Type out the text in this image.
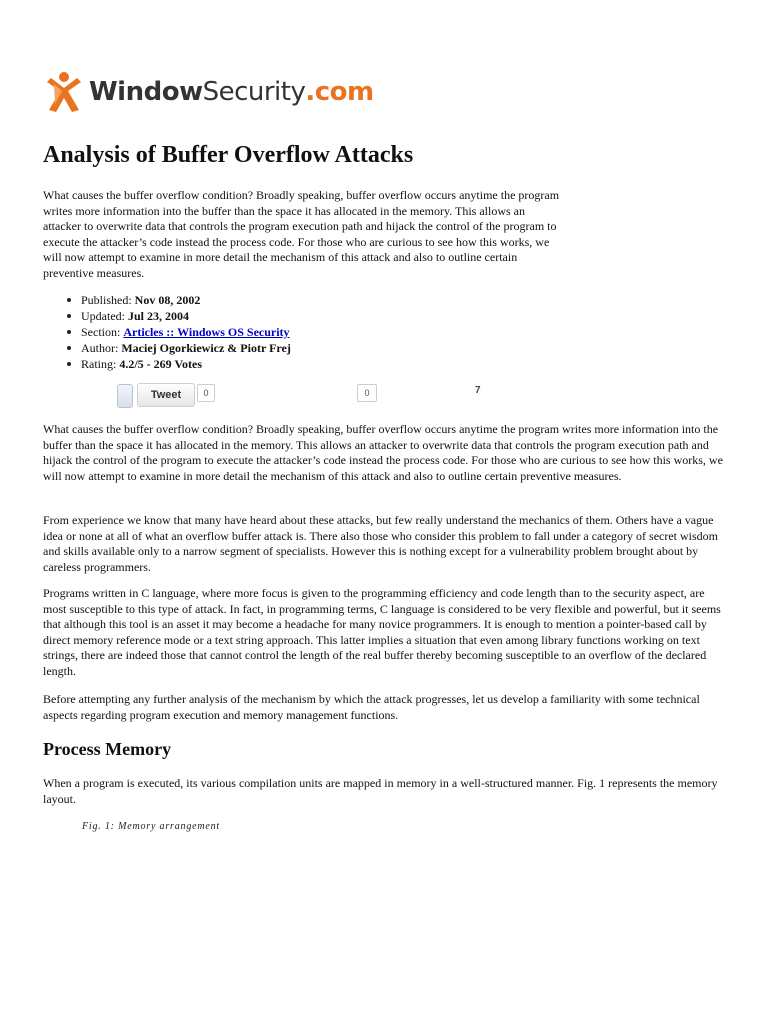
WindowSecurity.com
Analysis of Buffer Overflow Attacks

What causes the buffer overflow condition? Broadly speaking, buffer overflow occurs anytime the program writes more information into the buffer than the space it has allocated in the memory. This allows an attacker to overwrite data that controls the program execution path and hijack the control of the program to execute the attacker’s code instead the process code. For those who are curious to see how this works, we will now attempt to examine in more detail the mechanism of this attack and also to outline certain preventive measures.

Published: Nov 08, 2002
Updated: Jul 23, 2004
Section: Articles :: Windows OS Security
Author: Maciej Ogorkiewicz & Piotr Frej
Rating: 4.2/5 - 269 Votes
Tweet	0	0	7

What causes the buffer overflow condition? Broadly speaking, buffer overflow occurs anytime the program writes more information into the buffer than the space it has allocated in the memory. This allows an attacker to overwrite data that controls the program execution path and hijack the control of the program to execute the attacker’s code instead the process code. For those who are curious to see how this works, we will now attempt to examine in more detail the mechanism of this attack and also to outline certain preventive measures.

From experience we know that many have heard about these attacks, but few really understand the mechanics of them. Others have a vague idea or none at all of what an overflow buffer attack is. There also those who consider this problem to fall under a category of secret wisdom and skills available only to a narrow segment of specialists. However this is nothing except for a vulnerability problem brought about by careless programmers.

Programs written in C language, where more focus is given to the programming efficiency and code length than to the security aspect, are most susceptible to this type of attack. In fact, in programming terms, C language is considered to be very flexible and powerful, but it seems that although this tool is an asset it may become a headache for many novice programmers. It is enough to mention a pointer-based call by direct memory reference mode or a text string approach. This latter implies a situation that even among library functions working on text strings, there are indeed those that cannot control the length of the real buffer thereby becoming susceptible to an overflow of the declared length.

Before attempting any further analysis of the mechanism by which the attack progresses, let us develop a familiarity with some technical aspects regarding program execution and memory management functions.

Process Memory

When a program is executed, its various compilation units are mapped in memory in a well-structured manner. Fig. 1 represents the memory layout.

Fig. 1: Memory arrangement
